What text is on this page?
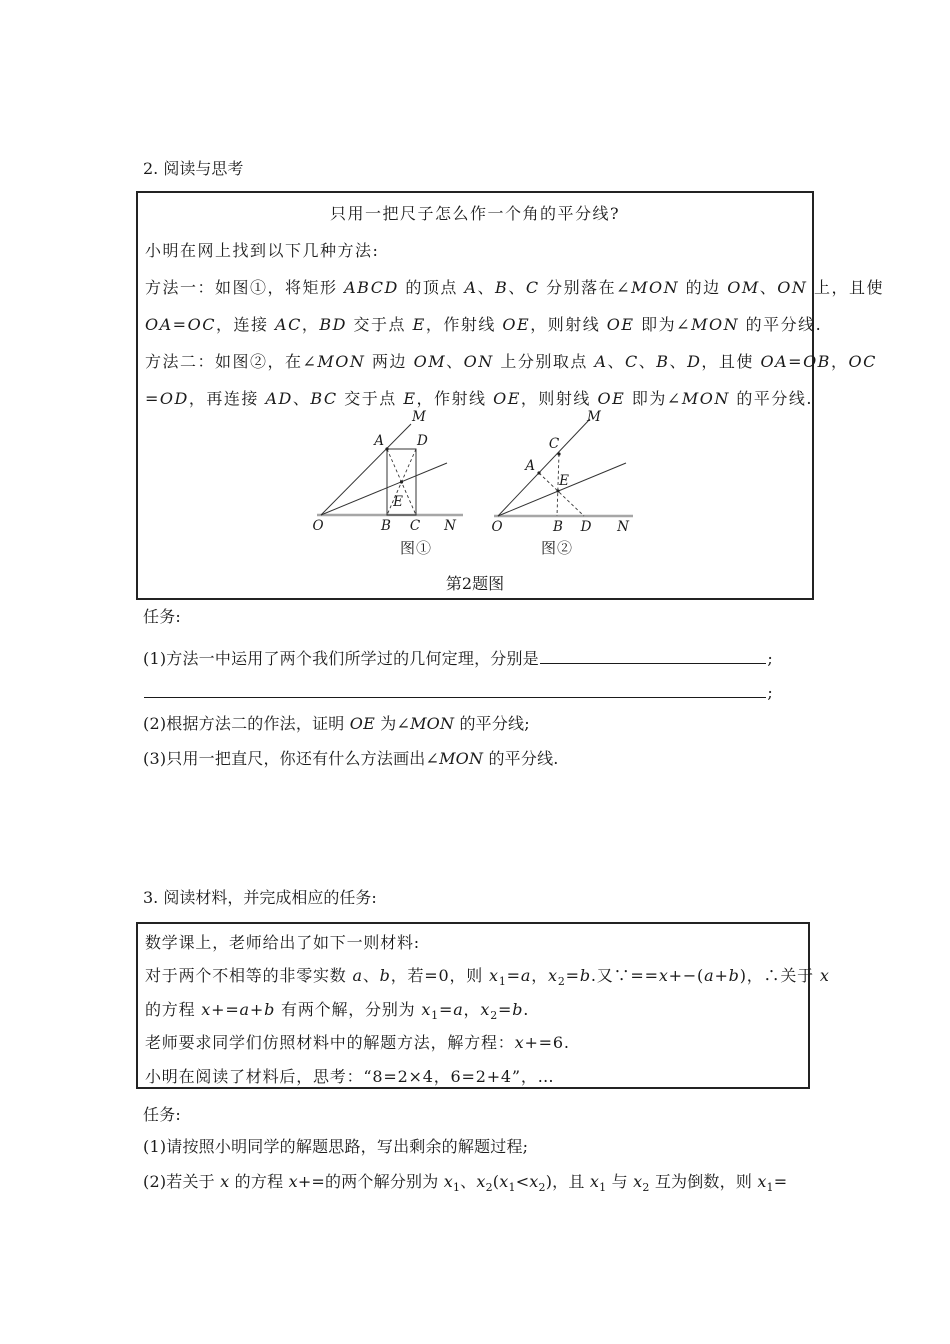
2. 阅读与思考
只用一把尺子怎么作一个角的平分线?
小明在网上找到以下几种方法:
方法一：如图①，将矩形 ABCD 的顶点 A、B、C 分别落在∠MON 的边 OM、ON 上，且使
OA=OC，连接 AC，BD 交于点 E，作射线 OE，则射线 OE 即为∠MON 的平分线.
方法二：如图②，在∠MON 两边 OM、ON 上分别取点 A、C、B、D，且使 OA=OB，OC
=OD，再连接 AD、BC 交于点 E，作射线 OE，则射线 OE 即为∠MON 的平分线.
M
A D
E
O	B C N
图①
M
C
A
E
O	B D N
图②
第2题图
任务:
(1)方法一中运用了两个我们所学过的几何定理，分别是	;
;
(2)根据方法二的作法，证明 OE 为∠MON 的平分线;
(3)只用一把直尺，你还有什么方法画出∠MON 的平分线.
3. 阅读材料，并完成相应的任务:
数学课上，老师给出了如下一则材料:
对于两个不相等的非零实数 a、b，若=0，则 $x_1=a$，$x_2=b$.又∵==x+−(a+b)，∴关于 x
的方程 x+=a+b 有两个解，分别为 $x_1=a$，$x_2=b$.
老师要求同学们仿照材料中的解题方法，解方程：x+=6.
小明在阅读了材料后，思考：“8=2×4，6=2+4”，…
任务:
(1)请按照小明同学的解题思路，写出剩余的解题过程;
(2)若关于 x 的方程 x+=的两个解分别为 $x_1$、$x_2(x_1<x_2)$，且 $x_1$ 与 $x_2$ 互为倒数，则 $x_1=$
